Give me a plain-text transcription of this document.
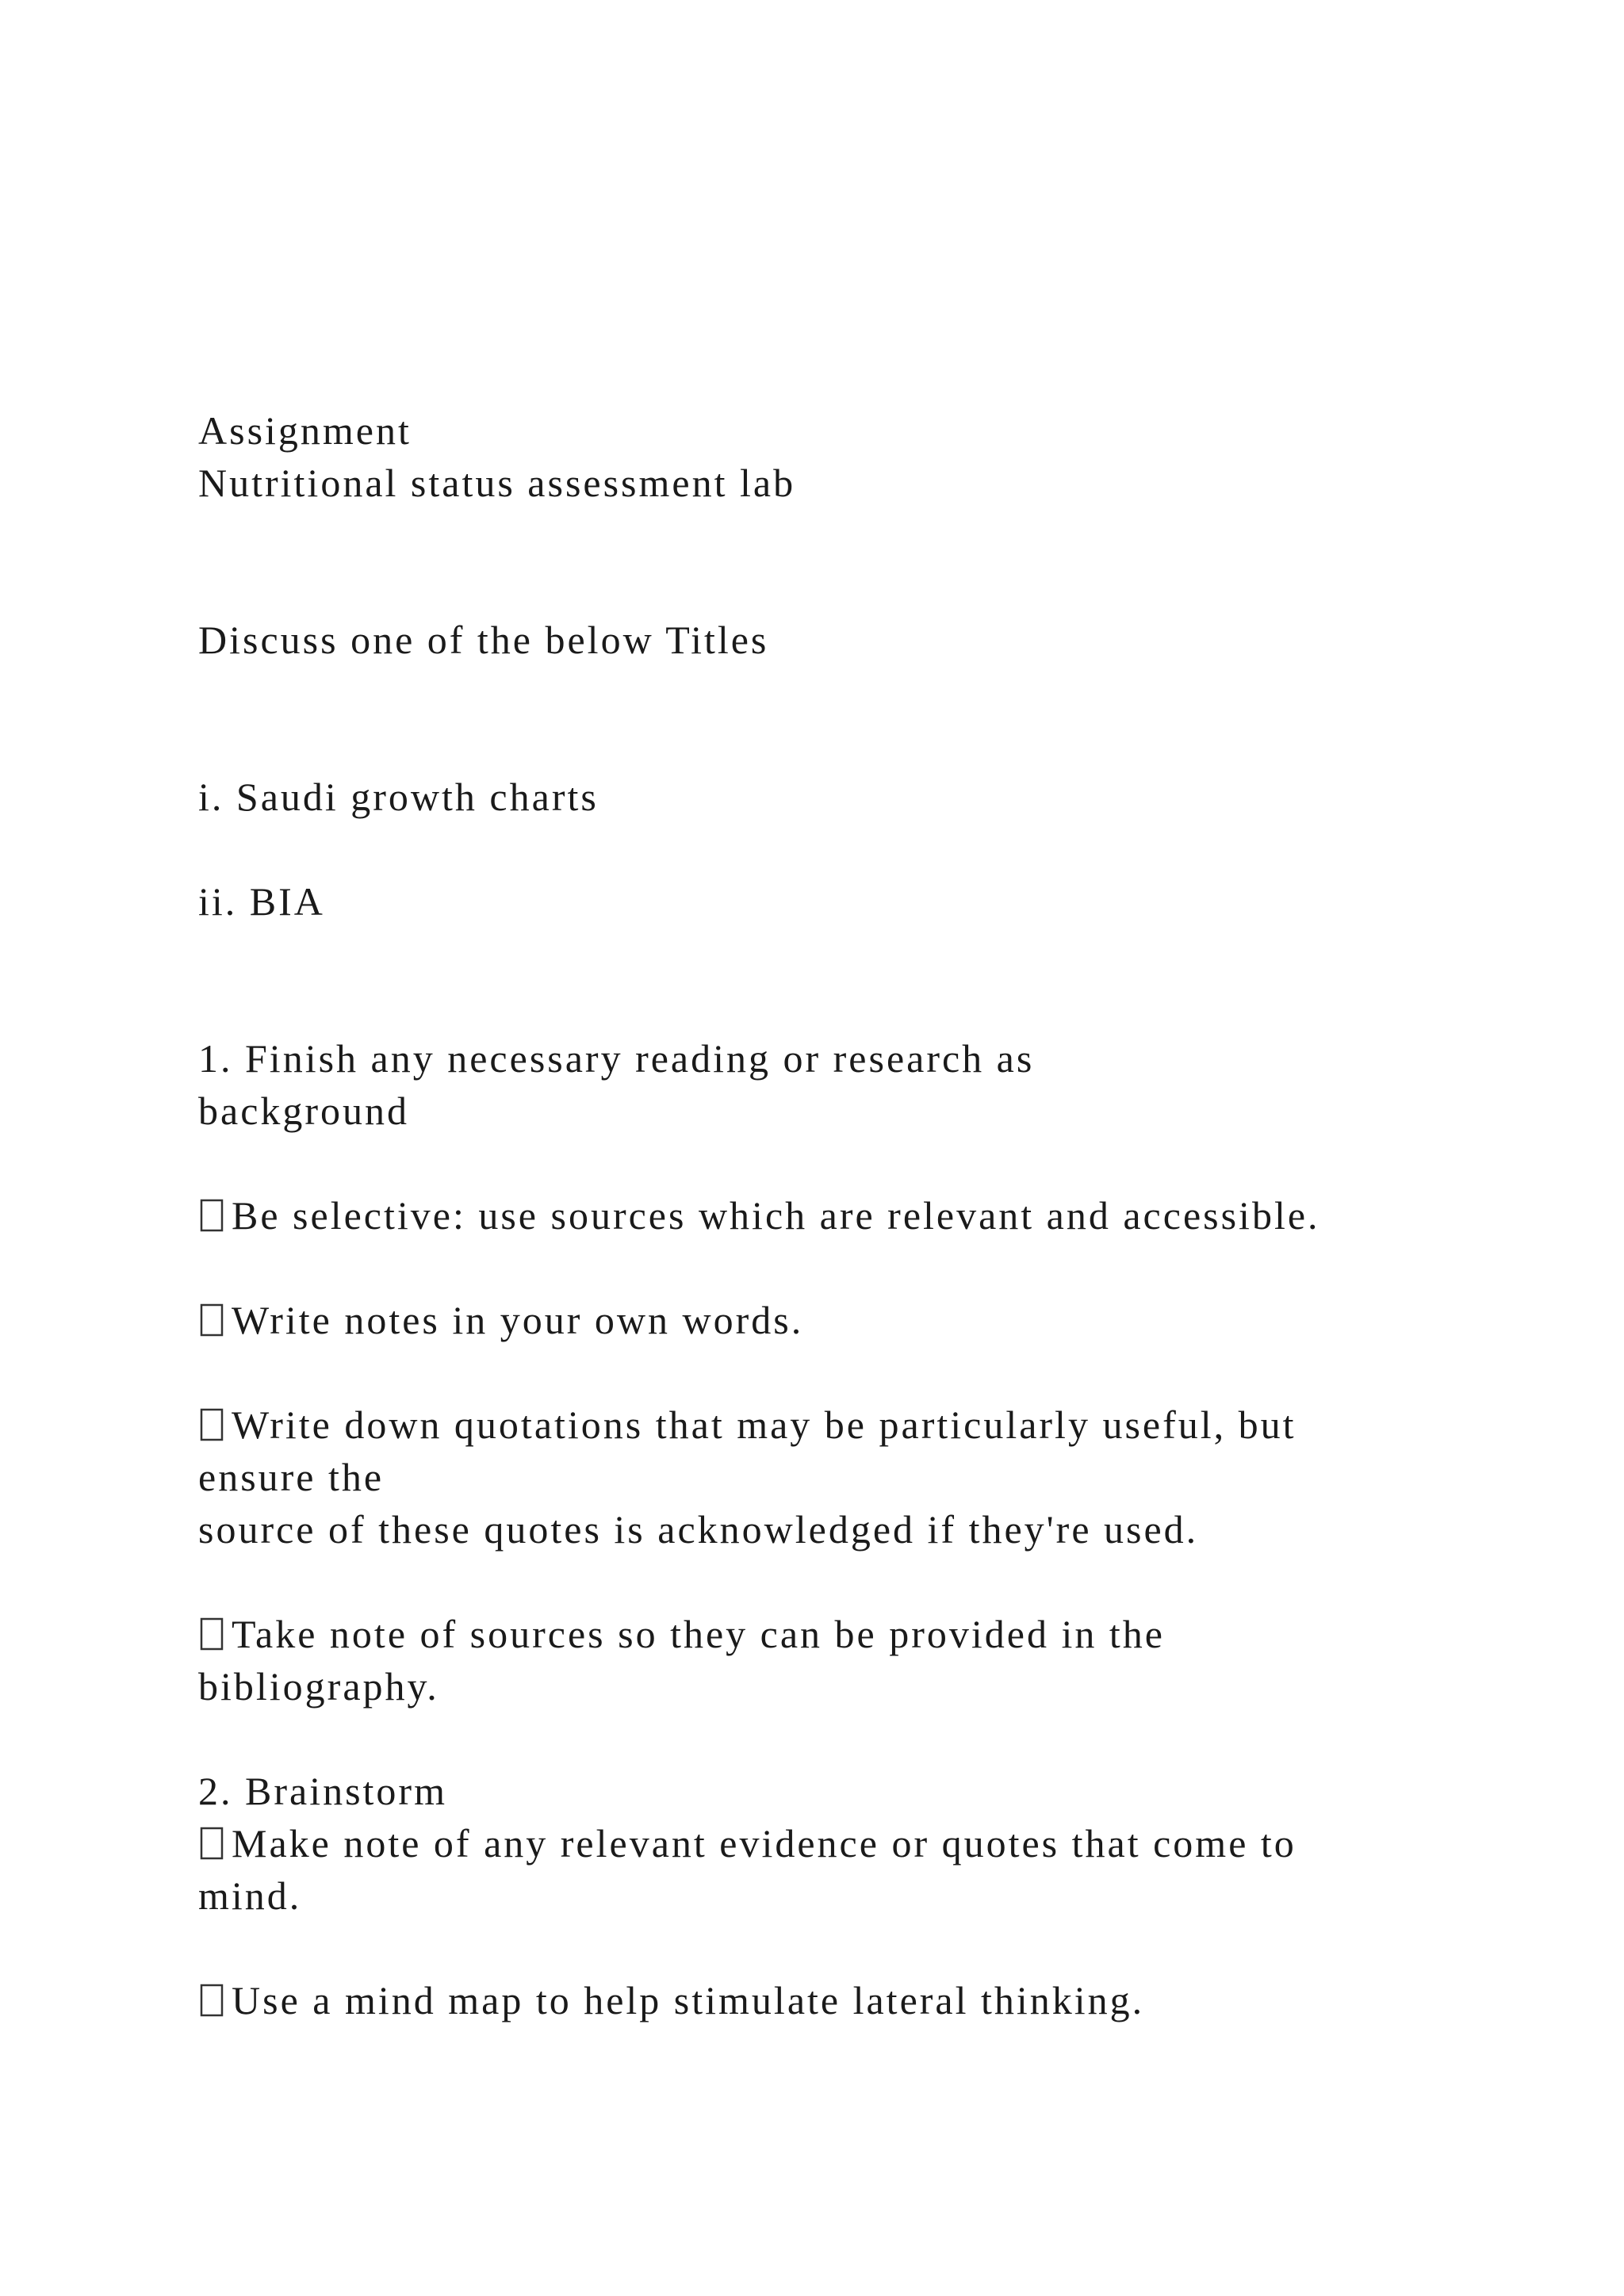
Assignment
Nutritional status assessment lab
Discuss one of the below Titles
i. Saudi growth charts
ii. BIA
1. Finish any necessary reading or research as
background
Be selective: use sources which are relevant and accessible.
Write notes in your own words.
Write down quotations that may be particularly useful, but
ensure the
source of these quotes is acknowledged if they're used.
Take note of sources so they can be provided in the
bibliography.
2. Brainstorm
Make note of any relevant evidence or quotes that come to
mind.
Use a mind map to help stimulate lateral thinking.
